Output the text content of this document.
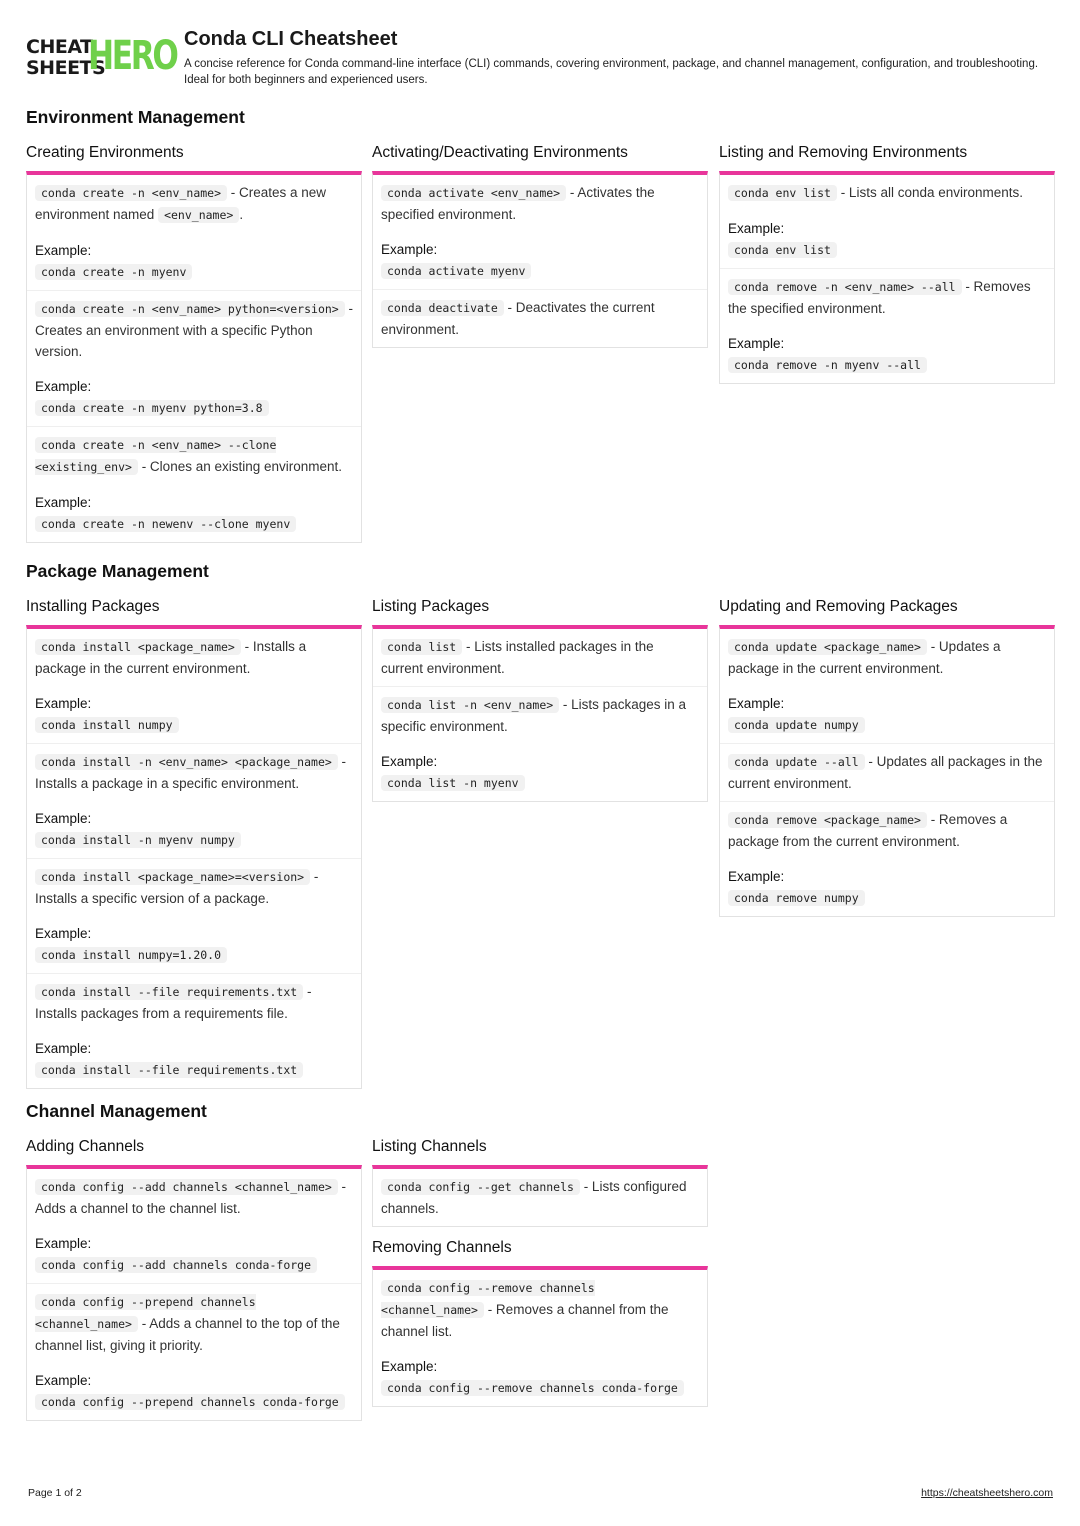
CHEAT
SHEETS
HERO Conda CLI Cheatsheet
A concise reference for Conda command-line interface (CLI) commands, covering environment, package, and channel management, configuration, and troubleshooting. Ideal for both beginners and experienced users.
Environment Management
Creating Environments
conda create -n <env_name> - Creates a new environment named <env_name> .
Example:
conda create -n myenv
conda create -n <env_name> python=<version> - Creates an environment with a specific Python version.
Example:
conda create -n myenv python=3.8
conda create -n <env_name> --clone <existing_env> - Clones an existing environment.
Example:
conda create -n newenv --clone myenv
Activating/Deactivating Environments
conda activate <env_name> - Activates the specified environment.
Example:
conda activate myenv
conda deactivate - Deactivates the current environment.
Listing and Removing Environments
conda env list - Lists all conda environments.
Example:
conda env list
conda remove -n <env_name> --all - Removes the specified environment.
Example:
conda remove -n myenv --all
Package Management
Installing Packages
conda install <package_name> - Installs a package in the current environment.
Example:
conda install numpy
conda install -n <env_name> <package_name> - Installs a package in a specific environment.
Example:
conda install -n myenv numpy
conda install <package_name>=<version> - Installs a specific version of a package.
Example:
conda install numpy=1.20.0
conda install --file requirements.txt - Installs packages from a requirements file.
Example:
conda install --file requirements.txt
Listing Packages
conda list - Lists installed packages in the current environment.
conda list -n <env_name> - Lists packages in a specific environment.
Example:
conda list -n myenv
Updating and Removing Packages
conda update <package_name> - Updates a package in the current environment.
Example:
conda update numpy
conda update --all - Updates all packages in the current environment.
conda remove <package_name> - Removes a package from the current environment.
Example:
conda remove numpy
Channel Management
Adding Channels
conda config --add channels <channel_name> - Adds a channel to the channel list.
Example:
conda config --add channels conda-forge
conda config --prepend channels <channel_name> - Adds a channel to the top of the channel list, giving it priority.
Example:
conda config --prepend channels conda-forge
Listing Channels
conda config --get channels - Lists configured channels.
Removing Channels
conda config --remove channels <channel_name> - Removes a channel from the channel list.
Example:
conda config --remove channels conda-forge
Page 1 of 2	https://cheatsheetshero.com
